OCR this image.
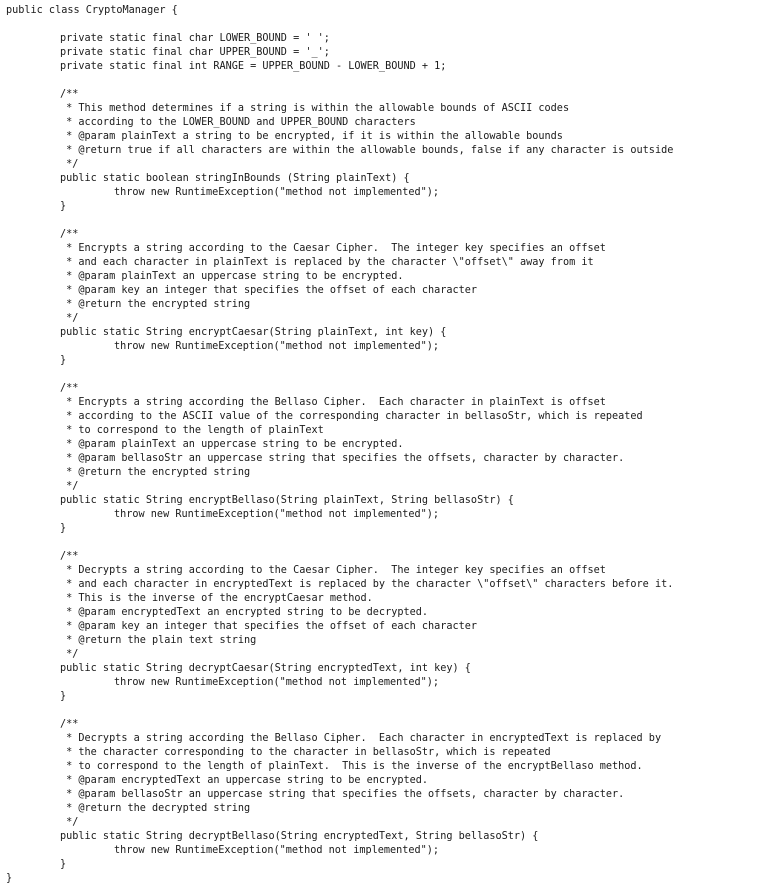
public class CryptoManager {
private static final char LOWER_BOUND = ' ';
private static final char UPPER_BOUND = '_';
private static final int RANGE = UPPER_BOUND - LOWER_BOUND + 1;
/**
* This method determines if a string is within the allowable bounds of ASCII codes
* according to the LOWER_BOUND and UPPER_BOUND characters
* @param plainText a string to be encrypted, if it is within the allowable bounds
* @return true if all characters are within the allowable bounds, false if any character is outside
*/
public static boolean stringInBounds (String plainText) {
throw new RuntimeException("method not implemented");
}
/**
* Encrypts a string according to the Caesar Cipher.  The integer key specifies an offset
* and each character in plainText is replaced by the character \"offset\" away from it
* @param plainText an uppercase string to be encrypted.
* @param key an integer that specifies the offset of each character
* @return the encrypted string
*/
public static String encryptCaesar(String plainText, int key) {
throw new RuntimeException("method not implemented");
}
/**
* Encrypts a string according the Bellaso Cipher.  Each character in plainText is offset
* according to the ASCII value of the corresponding character in bellasoStr, which is repeated
* to correspond to the length of plainText
* @param plainText an uppercase string to be encrypted.
* @param bellasoStr an uppercase string that specifies the offsets, character by character.
* @return the encrypted string
*/
public static String encryptBellaso(String plainText, String bellasoStr) {
throw new RuntimeException("method not implemented");
}
/**
* Decrypts a string according to the Caesar Cipher.  The integer key specifies an offset
* and each character in encryptedText is replaced by the character \"offset\" characters before it.
* This is the inverse of the encryptCaesar method.
* @param encryptedText an encrypted string to be decrypted.
* @param key an integer that specifies the offset of each character
* @return the plain text string
*/
public static String decryptCaesar(String encryptedText, int key) {
throw new RuntimeException("method not implemented");
}
/**
* Decrypts a string according the Bellaso Cipher.  Each character in encryptedText is replaced by
* the character corresponding to the character in bellasoStr, which is repeated
* to correspond to the length of plainText.  This is the inverse of the encryptBellaso method.
* @param encryptedText an uppercase string to be encrypted.
* @param bellasoStr an uppercase string that specifies the offsets, character by character.
* @return the decrypted string
*/
public static String decryptBellaso(String encryptedText, String bellasoStr) {
throw new RuntimeException("method not implemented");
}
}
